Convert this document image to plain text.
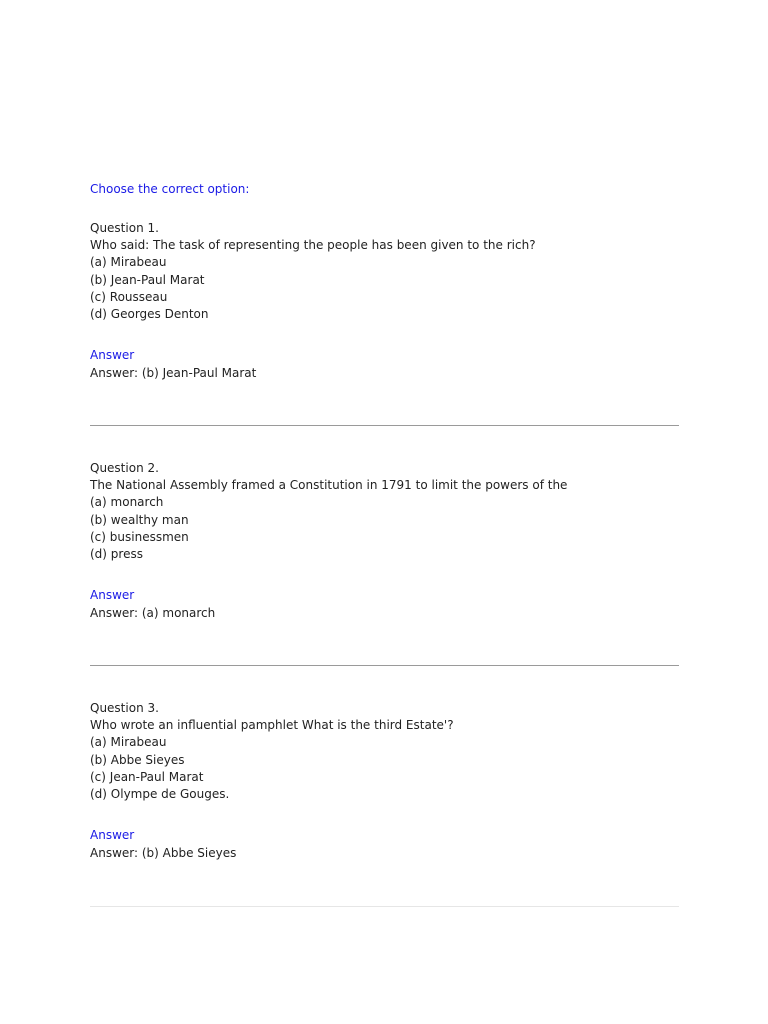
Choose the correct option:
Question 1.
Who said: The task of representing the people has been given to the rich?
(a) Mirabeau
(b) Jean-Paul Marat
(c) Rousseau
(d) Georges Denton
Answer
Answer: (b) Jean-Paul Marat
Question 2.
The National Assembly framed a Constitution in 1791 to limit the powers of the
(a) monarch
(b) wealthy man
(c) businessmen
(d) press
Answer
Answer: (a) monarch
Question 3.
Who wrote an influential pamphlet What is the third Estate'?
(a) Mirabeau
(b) Abbe Sieyes
(c) Jean-Paul Marat
(d) Olympe de Gouges.
Answer
Answer: (b) Abbe Sieyes
